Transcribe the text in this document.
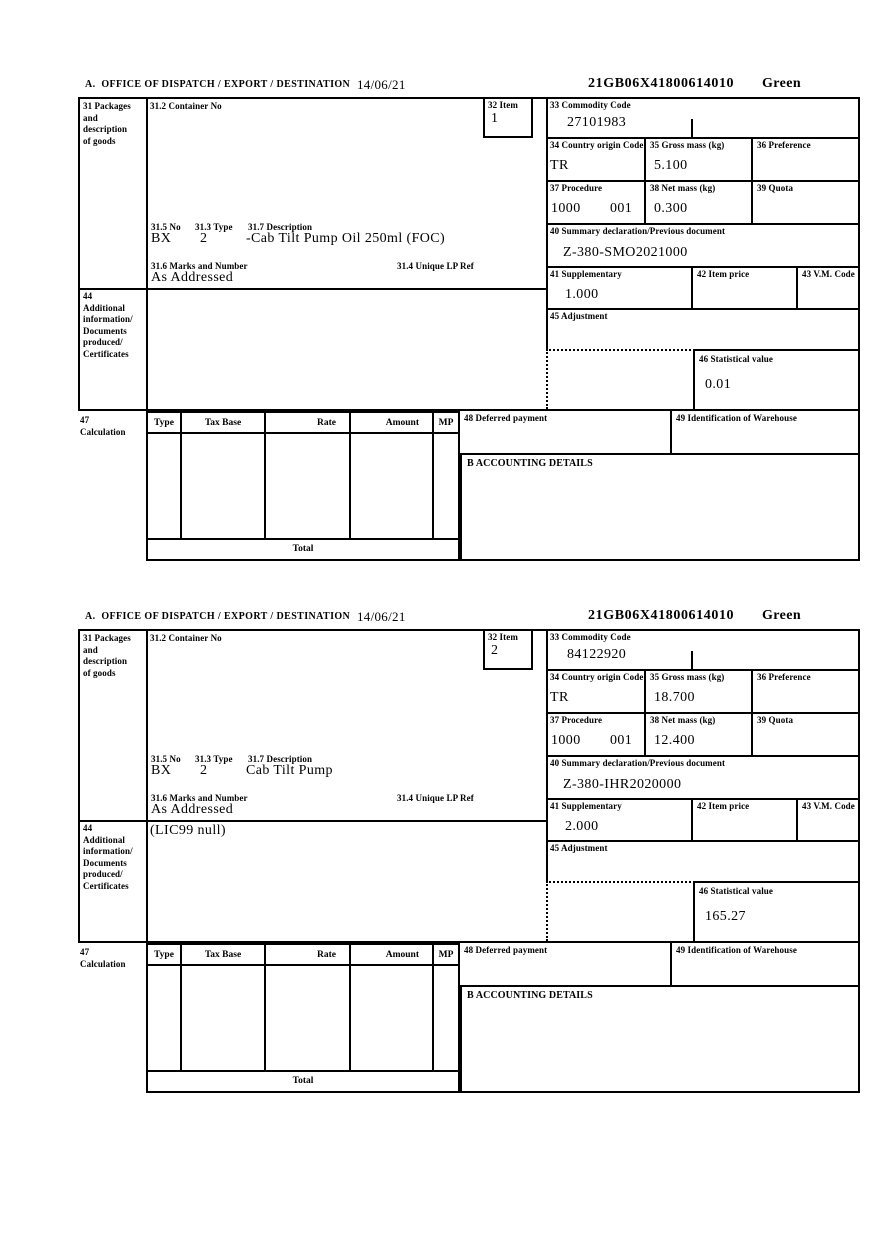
A.  OFFICE OF DISPATCH / EXPORT / DESTINATION 14/06/21	21GB06X41800614010 Green
31 Packages
and
description
of goods
44
Additional
information/
Documents
produced/
Certificates
31.2 Container No	32 Item
1
31.5 No 31.3 Type 31.7 Description
BX 2	-Cab Tilt Pump Oil 250ml (FOC)
31.6 Marks and Number	31.4 Unique LP Ref
As Addressed
33 Commodity Code
27101983
34 Country origin Code
TR
35 Gross mass (kg)
5.100
36 Preference
37 Procedure
1000 001
38 Net mass (kg)
0.300
39 Quota
40 Summary declaration/Previous document
Z-380-SMO2021000
41 Supplementary
1.000
42 Item price	43 V.M. Code
45 Adjustment
46 Statistical value
0.01
47
Calculation
Type	Tax Base	Rate	Amount	MP
Total
48 Deferred payment	49 Identification of Warehouse
B ACCOUNTING DETAILS
A.  OFFICE OF DISPATCH / EXPORT / DESTINATION 14/06/21	21GB06X41800614010 Green
31 Packages
and
description
of goods
44
Additional
information/
Documents
produced/
Certificates
(LIC99 null)
31.2 Container No	32 Item
2
31.5 No 31.3 Type 31.7 Description
BX 2	Cab Tilt Pump
31.6 Marks and Number	31.4 Unique LP Ref
As Addressed
33 Commodity Code
84122920
34 Country origin Code
TR
35 Gross mass (kg)
18.700
36 Preference
37 Procedure
1000 001
38 Net mass (kg)
12.400
39 Quota
40 Summary declaration/Previous document
Z-380-IHR2020000
41 Supplementary
2.000
42 Item price	43 V.M. Code
45 Adjustment
46 Statistical value
165.27
47
Calculation
Type	Tax Base	Rate	Amount	MP
Total
48 Deferred payment	49 Identification of Warehouse
B ACCOUNTING DETAILS
